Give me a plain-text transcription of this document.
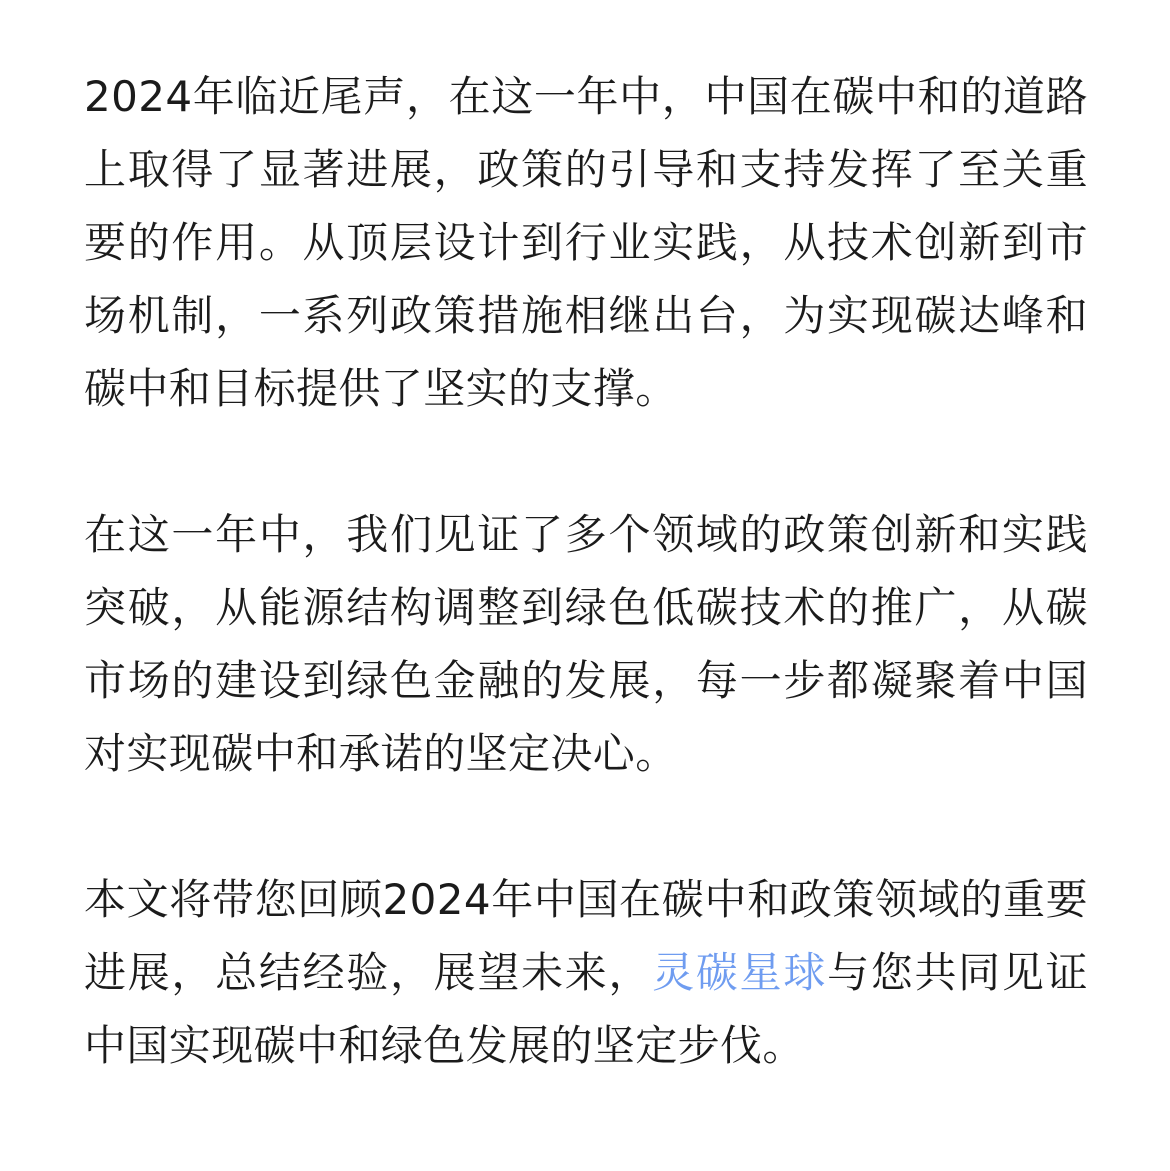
2024年临近尾声，在这一年中，中国在碳中和的道路上取得了显著进展，政策的引导和支持发挥了至关重要的作用。从顶层设计到行业实践，从技术创新到市场机制，一系列政策措施相继出台，为实现碳达峰和碳中和目标提供了坚实的支撑。

在这一年中，我们见证了多个领域的政策创新和实践突破，从能源结构调整到绿色低碳技术的推广，从碳市场的建设到绿色金融的发展，每一步都凝聚着中国对实现碳中和承诺的坚定决心。

本文将带您回顾2024年中国在碳中和政策领域的重要进展，总结经验，展望未来，灵碳星球与您共同见证中国实现碳中和绿色发展的坚定步伐。
